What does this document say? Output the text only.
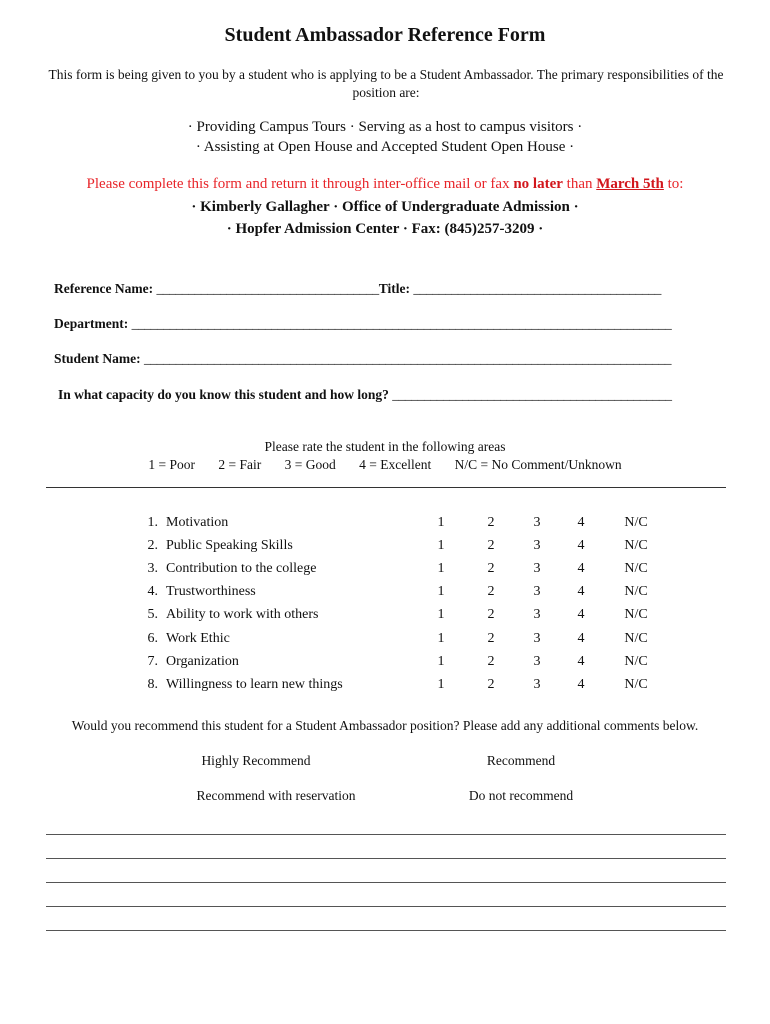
Student Ambassador Reference Form
This form is being given to you by a student who is applying to be a Student Ambassador. The primary responsibilities of the position are:
· Providing Campus Tours · Serving as a host to campus visitors ·
· Assisting at Open House and Accepted Student Open House ·
Please complete this form and return it through inter-office mail or fax no later than March 5th to:
· Kimberly Gallagher · Office of Undergraduate Admission ·
· Hopfer Admission Center · Fax: (845)257-3209 ·
Reference Name: ___________________________________Title: _______________________________________
Department: _____________________________________________________________________________________
Student Name: ___________________________________________________________________________________
In what capacity do you know this student and how long? ____________________________________________
Please rate the student in the following areas
1 = Poor 2 = Fair 3 = Good 4 = Excellent N/C = No Comment/Unknown
1. Motivation	1	2	3	4	N/C
2. Public Speaking Skills	1	2	3	4	N/C
3. Contribution to the college	1	2	3	4	N/C
4. Trustworthiness	1	2	3	4	N/C
5. Ability to work with others	1	2	3	4	N/C
6. Work Ethic	1	2	3	4	N/C
7. Organization	1	2	3	4	N/C
8. Willingness to learn new things	1	2	3	4	N/C
Would you recommend this student for a Student Ambassador position? Please add any additional comments below.
Highly Recommend	Recommend
Recommend with reservation	Do not recommend
